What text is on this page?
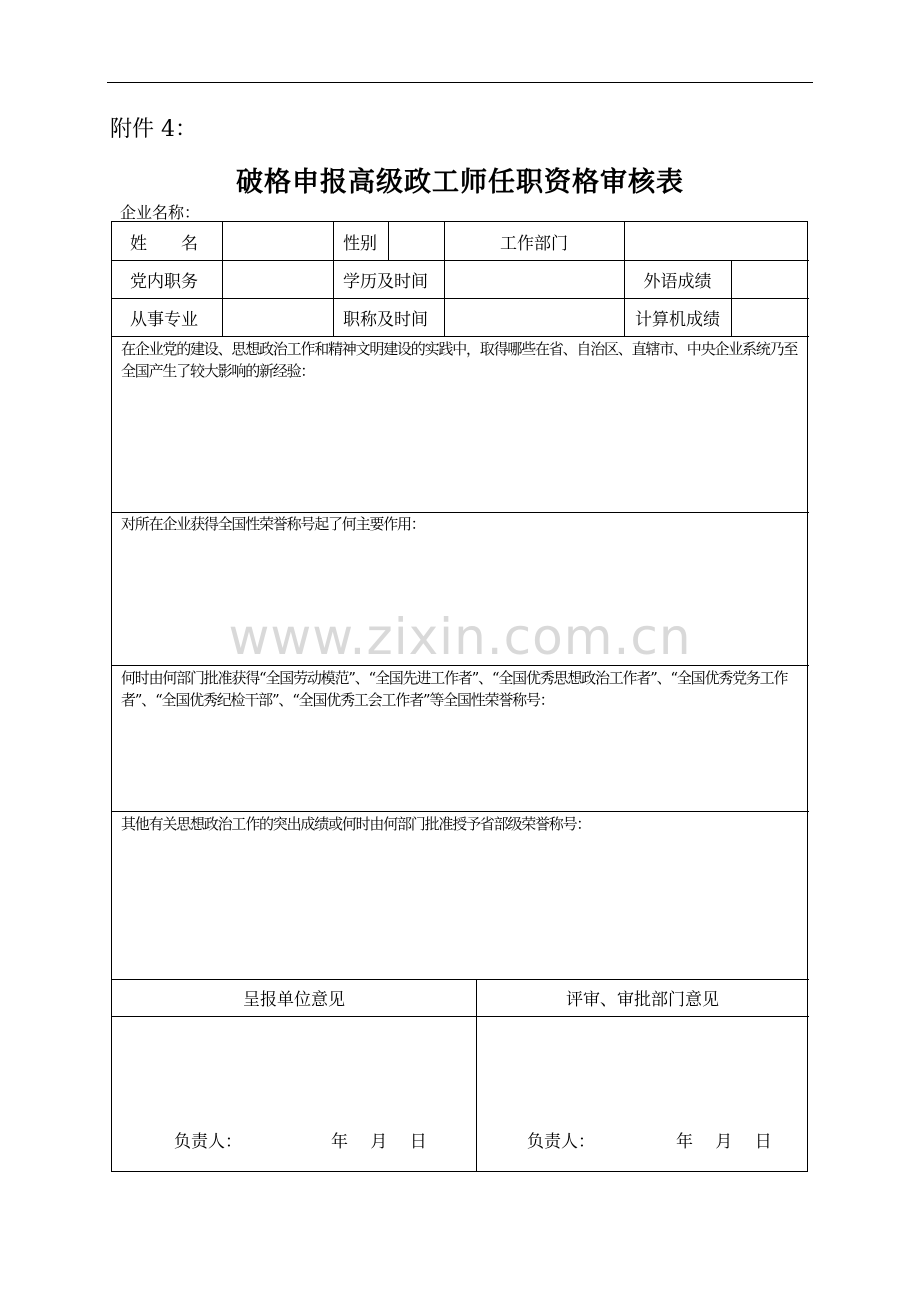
附件 4：
破格申报高级政工师任职资格审核表
企业名称：
www.zixin.com.cn
姓　　名	性别	工作部门
党内职务	学历及时间	外语成绩
从事专业	职称及时间	计算机成绩
呈报单位意见	评审、审批部门意见
在企业党的建设、思想政治工作和精神文明建设的实践中，取得哪些在省、自治区、直辖市、中央企业系统乃至全国产生了较大影响的新经验：
对所在企业获得全国性荣誉称号起了何主要作用：
何时由何部门批准获得“全国劳动模范”、“全国先进工作者”、“全国优秀思想政治工作者”、“全国优秀党务工作者”、“全国优秀纪检干部”、“全国优秀工会工作者”等全国性荣誉称号：
其他有关思想政治工作的突出成绩或何时由何部门批准授予省部级荣誉称号：
负责人：	年　 月　 日	负责人：	年　 月　 日
